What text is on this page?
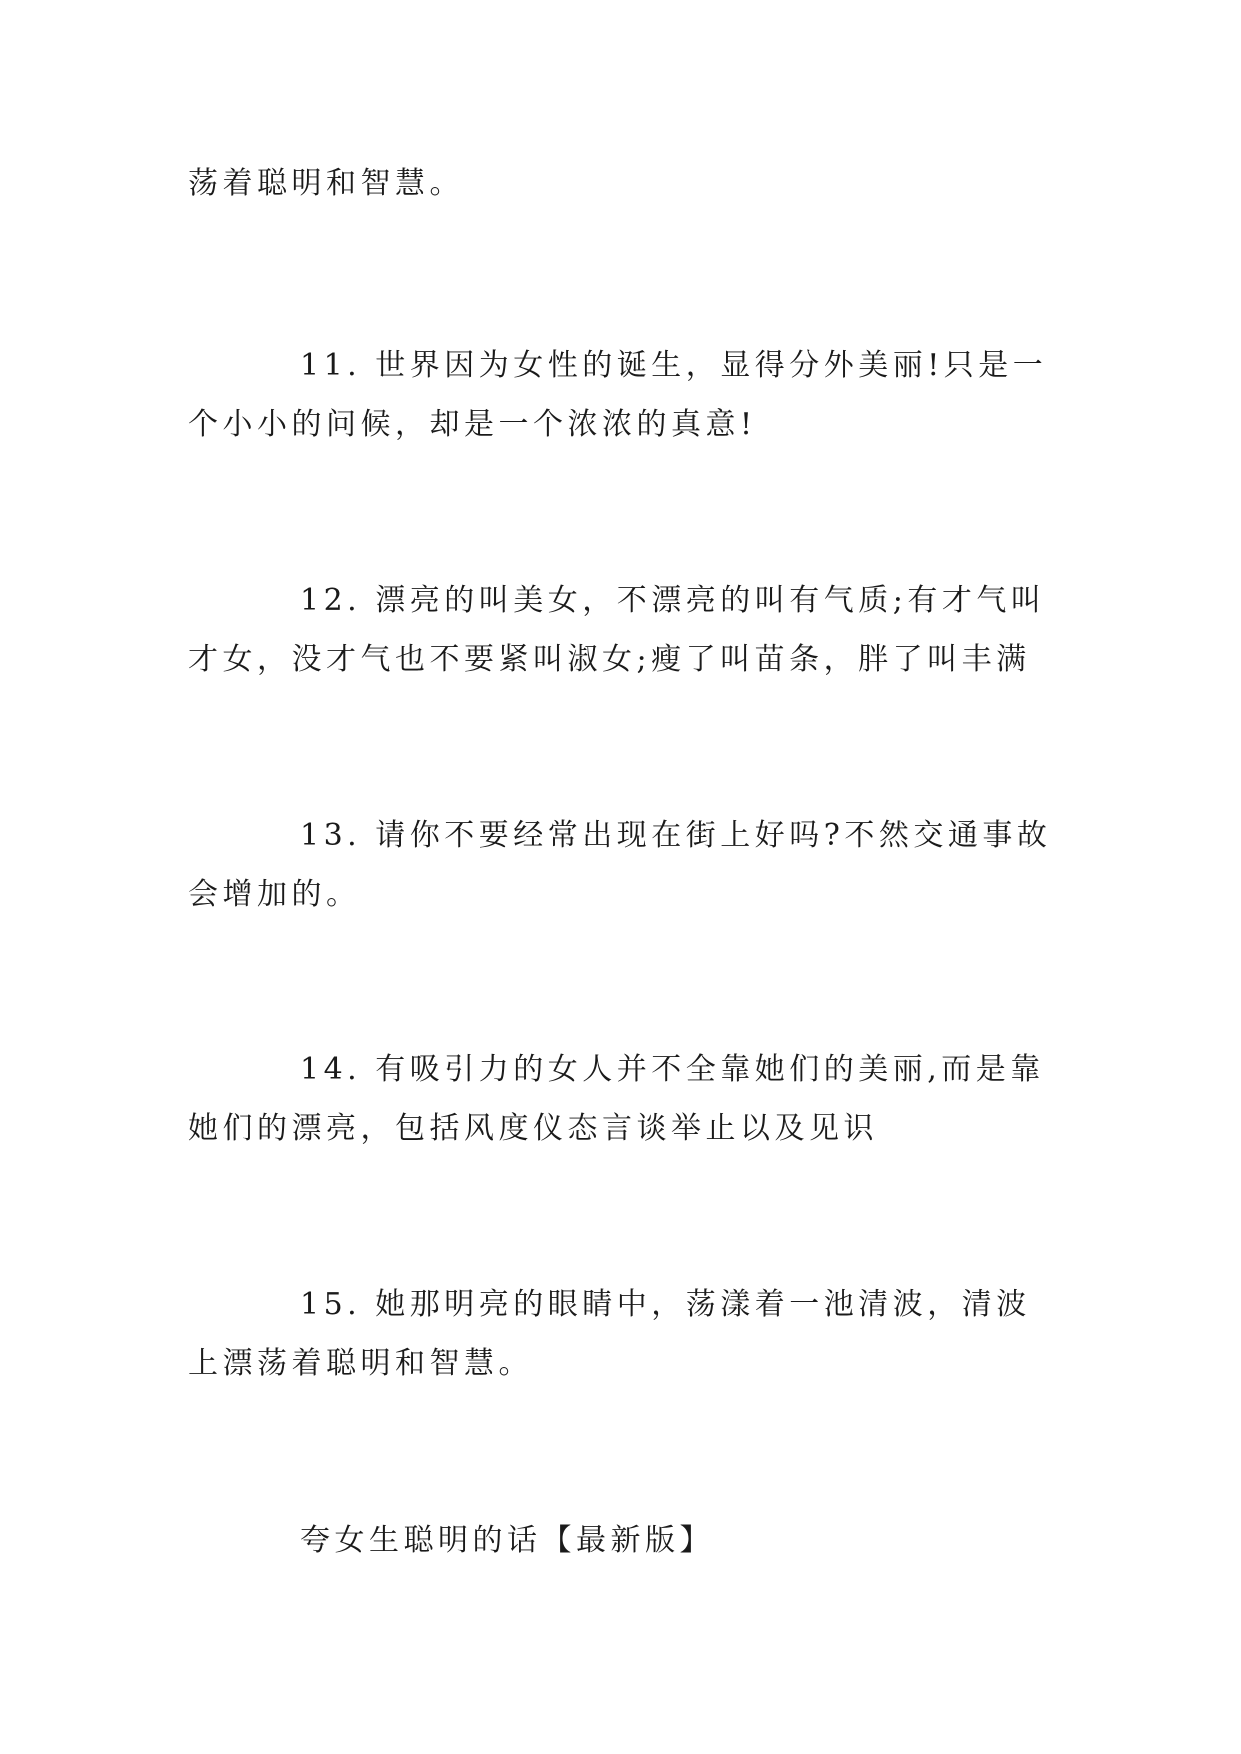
荡着聪明和智慧。

11. 世界因为女性的诞生，显得分外美丽!只是一个小小的问候，却是一个浓浓的真意!

12. 漂亮的叫美女，不漂亮的叫有气质;有才气叫才女，没才气也不要紧叫淑女;瘦了叫苗条，胖了叫丰满

13. 请你不要经常出现在街上好吗?不然交通事故会增加的。

14. 有吸引力的女人并不全靠她们的美丽,而是靠她们的漂亮，包括风度仪态言谈举止以及见识

15. 她那明亮的眼睛中，荡漾着一池清波，清波上漂荡着聪明和智慧。

夸女生聪明的话【最新版】
